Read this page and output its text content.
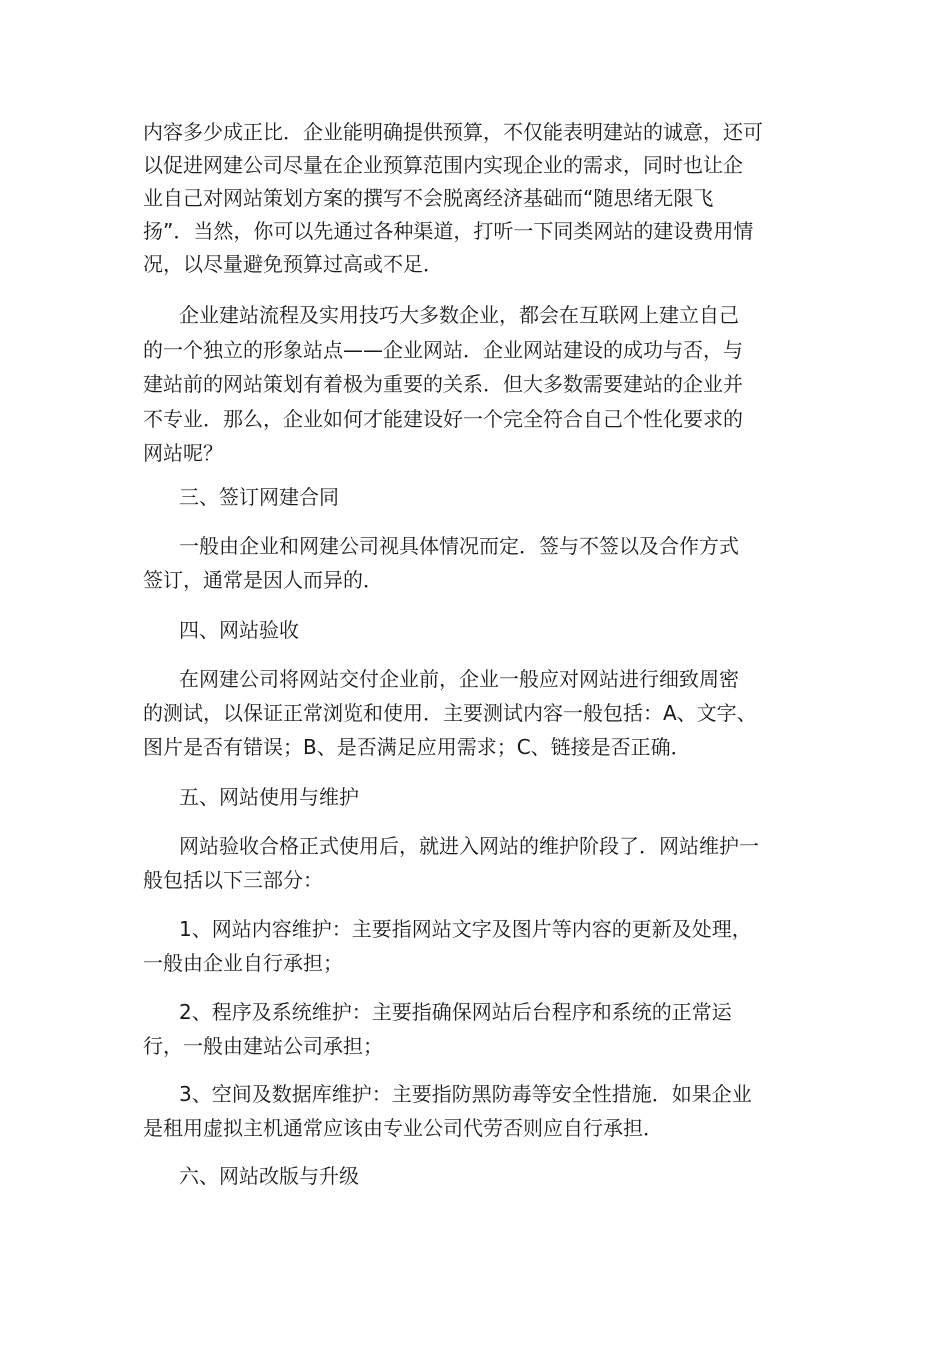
内容多少成正比．企业能明确提供预算，不仅能表明建站的诚意，还可
以促进网建公司尽量在企业预算范围内实现企业的需求，同时也让企
业自己对网站策划方案的撰写不会脱离经济基础而“随思绪无限飞
扬”．当然，你可以先通过各种渠道，打听一下同类网站的建设费用情
况，以尽量避免预算过高或不足．
企业建站流程及实用技巧大多数企业，都会在互联网上建立自己
的一个独立的形象站点——企业网站．企业网站建设的成功与否，与
建站前的网站策划有着极为重要的关系．但大多数需要建站的企业并
不专业．那么，企业如何才能建设好一个完全符合自己个性化要求的
网站呢？
三、签订网建合同
一般由企业和网建公司视具体情况而定．签与不签以及合作方式
签订，通常是因人而异的．
四、网站验收
在网建公司将网站交付企业前，企业一般应对网站进行细致周密
的测试，以保证正常浏览和使用．主要测试内容一般包括：A、文字、
图片是否有错误；B、是否满足应用需求；C、链接是否正确．
五、网站使用与维护
网站验收合格正式使用后，就进入网站的维护阶段了．网站维护一
般包括以下三部分：
1、网站内容维护：主要指网站文字及图片等内容的更新及处理，
一般由企业自行承担；
2、程序及系统维护：主要指确保网站后台程序和系统的正常运
行，一般由建站公司承担；
3、空间及数据库维护：主要指防黑防毒等安全性措施．如果企业
是租用虚拟主机通常应该由专业公司代劳否则应自行承担．
六、网站改版与升级
